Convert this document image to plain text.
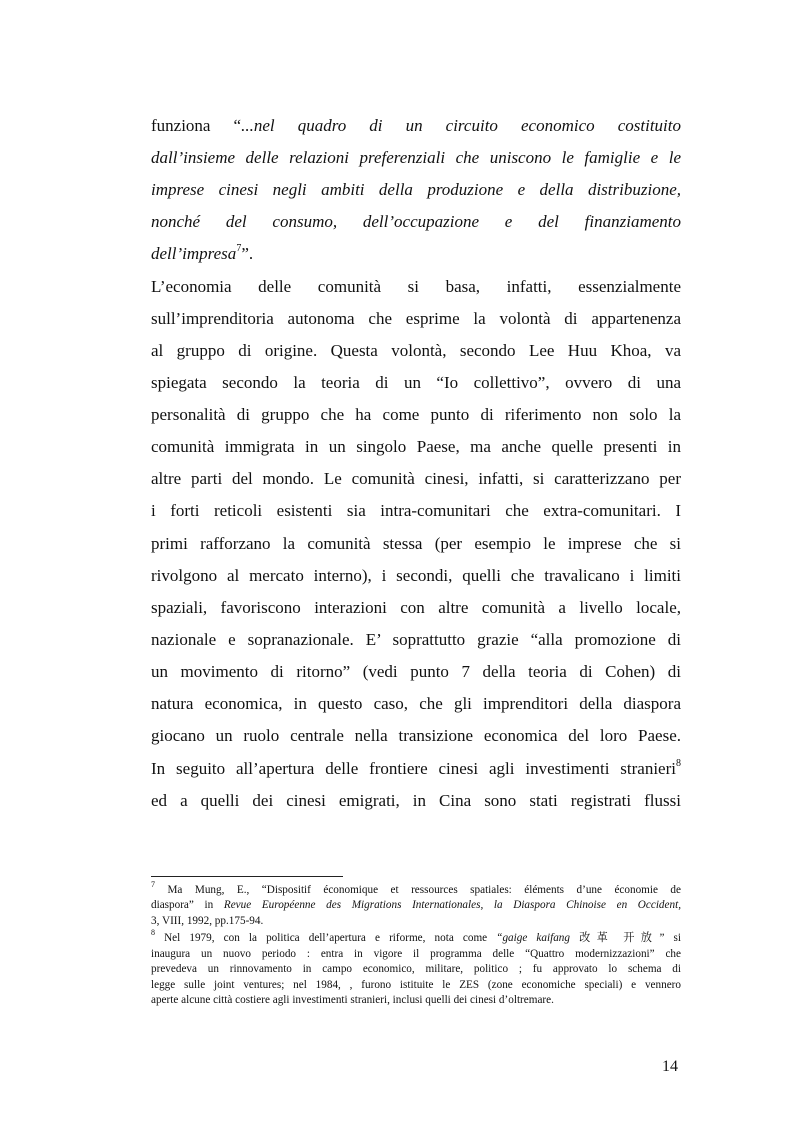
funziona “...nel quadro di un circuito economico costituito
dall’insieme delle relazioni preferenziali che uniscono le famiglie e le
imprese cinesi negli ambiti della produzione e della distribuzione,
nonché del consumo, dell’occupazione e del finanziamento
dell’impresa$^7$”.
L’economia delle comunità si basa, infatti, essenzialmente
sull’imprenditoria autonoma che esprime la volontà di appartenenza
al gruppo di origine. Questa volontà, secondo Lee Huu Khoa, va
spiegata secondo la teoria di un “Io collettivo”, ovvero di una
personalità di gruppo che ha come punto di riferimento non solo la
comunità immigrata in un singolo Paese, ma anche quelle presenti in
altre parti del mondo. Le comunità cinesi, infatti, si caratterizzano per
i forti reticoli esistenti sia intra-comunitari che extra-comunitari. I
primi rafforzano la comunità stessa (per esempio le imprese che si
rivolgono al mercato interno), i secondi, quelli che travalicano i limiti
spaziali, favoriscono interazioni con altre comunità a livello locale,
nazionale e sopranazionale. E’ soprattutto grazie “alla promozione di
un movimento di ritorno” (vedi punto 7 della teoria di Cohen) di
natura economica, in questo caso, che gli imprenditori della diaspora
giocano un ruolo centrale nella transizione economica del loro Paese.
In seguito all’apertura delle frontiere cinesi agli investimenti stranieri$^8$
ed a quelli dei cinesi emigrati, in Cina sono stati registrati flussi
$^7$ Ma Mung, E., “Dispositif économique et ressources spatiales: éléments d’une économie de
diaspora” in Revue Européenne des Migrations Internationales, la Diaspora Chinoise en Occident,
3, VIII, 1992, pp.175-94.
$^8$ Nel 1979, con la politica dell’apertura e riforme, nota come “gaige kaifang 改革 开放” si
inaugura un nuovo periodo : entra in vigore il programma delle “Quattro modernizzazioni” che
prevedeva un rinnovamento in campo economico, militare, politico ; fu approvato lo schema di
legge sulle joint ventures; nel 1984, , furono istituite le ZES (zone economiche speciali) e vennero
aperte alcune città costiere agli investimenti stranieri, inclusi quelli dei cinesi d’oltremare.
14
